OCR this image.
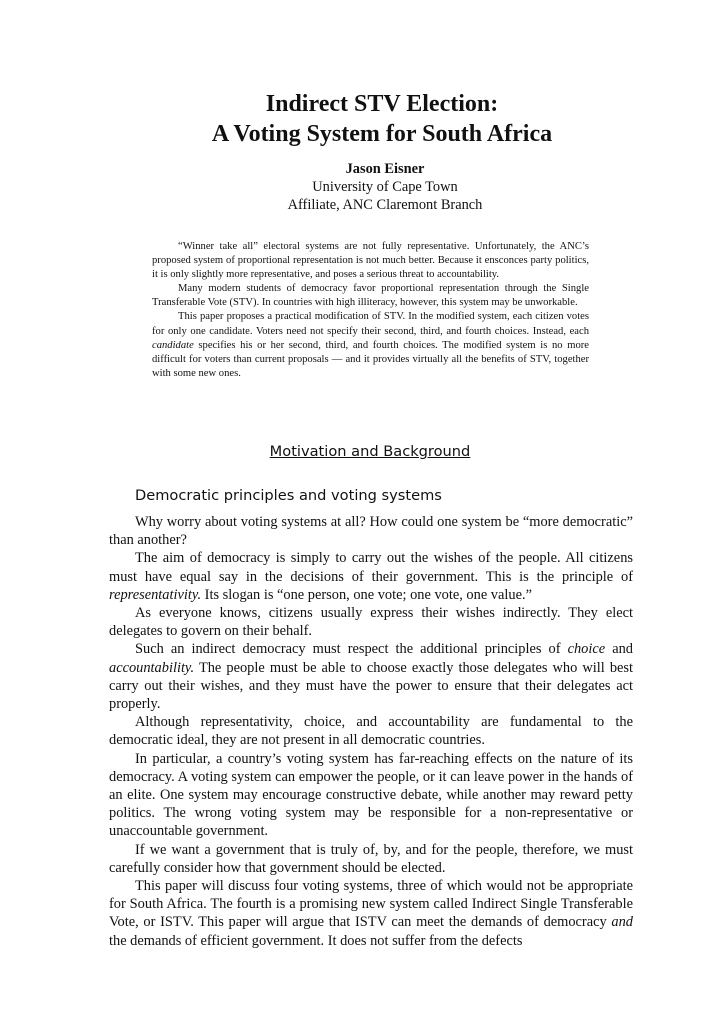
Indirect STV Election:
A Voting System for South Africa
Jason Eisner
University of Cape Town
Affiliate, ANC Claremont Branch

“Winner take all” electoral systems are not fully representative. Unfortunately, the ANC’s proposed system of proportional representation is not much better. Because it ensconces party politics, it is only slightly more representative, and poses a serious threat to accountability.

Many modern students of democracy favor proportional representation through the Single Transferable Vote (STV). In countries with high illiteracy, however, this system may be unworkable.

This paper proposes a practical modification of STV. In the modified system, each citizen votes for only one candidate. Voters need not specify their second, third, and fourth choices. Instead, each candidate specifies his or her second, third, and fourth choices. The modified system is no more difficult for voters than current proposals — and it provides virtually all the benefits of STV, together with some new ones.

Motivation and Background
Democratic principles and voting systems

Why worry about voting systems at all? How could one system be “more democratic” than another?

The aim of democracy is simply to carry out the wishes of the people. All citizens must have equal say in the decisions of their government. This is the principle of representativity. Its slogan is “one person, one vote; one vote, one value.”

As everyone knows, citizens usually express their wishes indirectly. They elect delegates to govern on their behalf.

Such an indirect democracy must respect the additional principles of choice and accountability. The people must be able to choose exactly those delegates who will best carry out their wishes, and they must have the power to ensure that their delegates act properly.

Although representativity, choice, and accountability are fundamental to the democratic ideal, they are not present in all democratic countries.

In particular, a country’s voting system has far-reaching effects on the nature of its democracy. A voting system can empower the people, or it can leave power in the hands of an elite. One system may encourage constructive debate, while another may reward petty politics. The wrong voting system may be responsible for a non-representative or unaccountable government.

If we want a government that is truly of, by, and for the people, therefore, we must carefully consider how that government should be elected.

This paper will discuss four voting systems, three of which would not be appropriate for South Africa. The fourth is a promising new system called Indirect Single Transferable Vote, or ISTV. This paper will argue that ISTV can meet the demands of democracy and the demands of efficient government. It does not suffer from the defects
